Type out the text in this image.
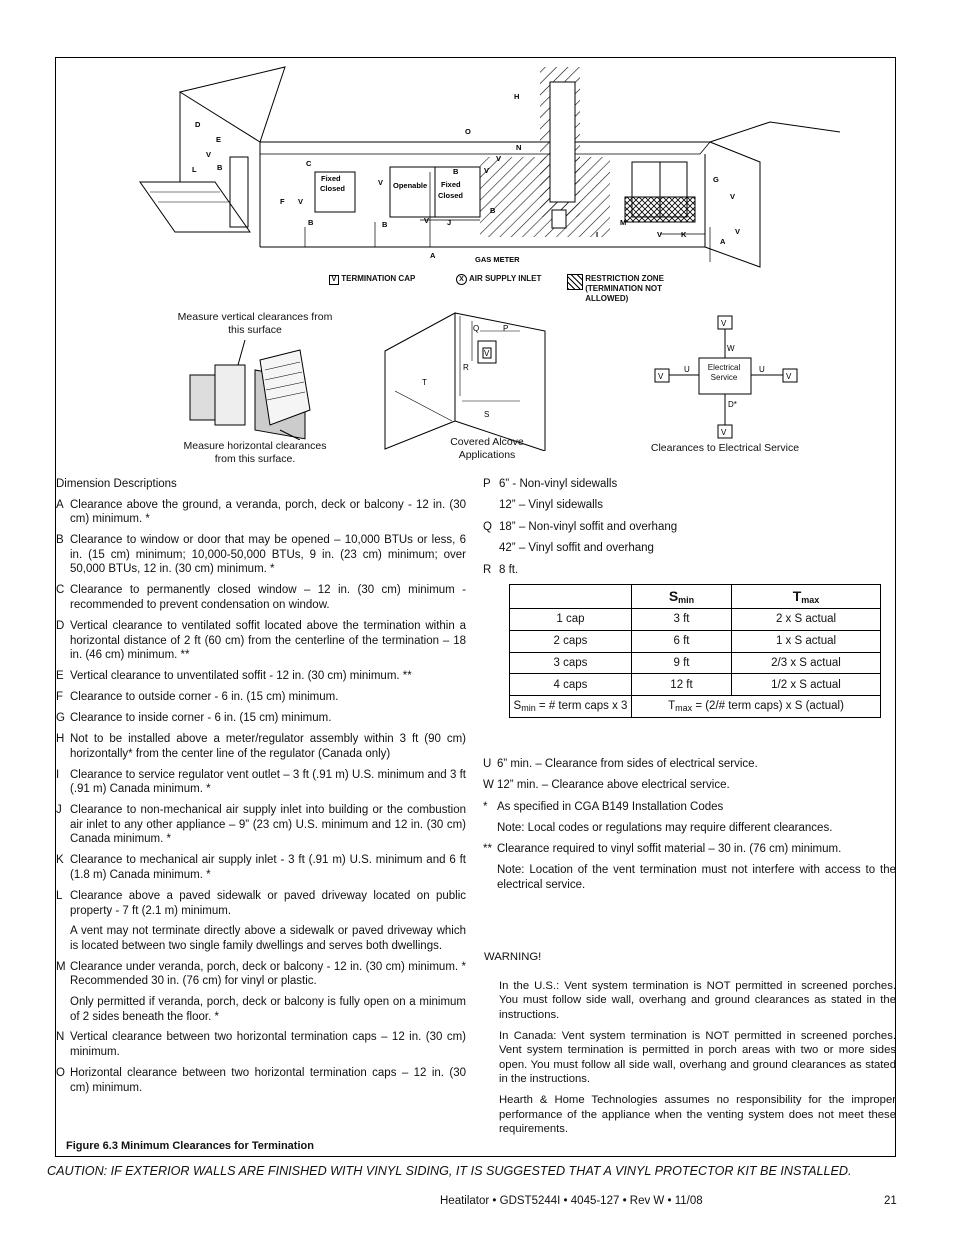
D
E
V
B
L
C
Fixed
Closed
F V
B	B
Openable Fixed
Closed
V
B	V
B
V J
A	GAS METER
O
V
N
H
I
G
V
M
V	K
A
V
V TERMINATION CAP	X AIR SUPPLY INLET	RESTRICTION ZONE
(TERMINATION NOT
ALLOWED)
Measure vertical clearances from this surface
Measure horizontal clearances from this surface.
Q	P
R
T
S
V
Covered Alcove Applications
V
V
V	V
W
U	U
D*
Electrical Service
Clearances to Electrical Service
Dimension Descriptions
A Clearance above the ground, a veranda, porch, deck or balcony - 12 in. (30 cm) minimum. *
B Clearance to window or door that may be opened – 10,000 BTUs or less, 6 in. (15 cm) minimum; 10,000-50,000 BTUs, 9 in. (23 cm) minimum; over 50,000 BTUs, 12 in. (30 cm) minimum. *
C Clearance to permanently closed window – 12 in. (30 cm) minimum - recommended to prevent condensation on window.
D Vertical clearance to ventilated soffit located above the termination within a horizontal distance of 2 ft (60 cm) from the centerline of the termination – 18 in. (46 cm) minimum. **
E Vertical clearance to unventilated soffit - 12 in. (30 cm) minimum. **
F Clearance to outside corner - 6 in. (15 cm) minimum.
G Clearance to inside corner - 6 in. (15 cm) minimum.
H Not to be installed above a meter/regulator assembly within 3 ft (90 cm) horizontally* from the center line of the regulator (Canada only)
I Clearance to service regulator vent outlet – 3 ft (.91 m) U.S. minimum and 3 ft (.91 m) Canada minimum. *
J Clearance to non-mechanical air supply inlet into building or the combustion air inlet to any other appliance – 9” (23 cm) U.S. minimum and 12 in. (30 cm) Canada minimum. *
K Clearance to mechanical air supply inlet - 3 ft (.91 m) U.S. minimum and 6 ft (1.8 m) Canada minimum. *
L Clearance above a paved sidewalk or paved driveway located on public property - 7 ft (2.1 m) minimum.
A vent may not terminate directly above a sidewalk or paved driveway which is located between two single family dwellings and serves both dwellings.
M Clearance under veranda, porch, deck or balcony - 12 in. (30 cm) minimum. * Recommended 30 in. (76 cm) for vinyl or plastic.
Only permitted if veranda, porch, deck or balcony is fully open on a minimum of 2 sides beneath the floor. *
N Vertical clearance between two horizontal termination caps – 12 in. (30 cm) minimum.
O Horizontal clearance between two horizontal termination caps – 12 in. (30 cm) minimum.
P 6” - Non-vinyl sidewalls
12” – Vinyl sidewalls
Q 18” – Non-vinyl soffit and overhang
42” – Vinyl soffit and overhang
R 8 ft.
	Smin	Tmax
1 cap	3 ft	2 x S actual
2 caps	6 ft	1 x S actual
3 caps	9 ft	2/3 x S actual
4 caps	12 ft	1/2 x S actual
Smin = # term caps x 3	Tmax = (2/# term caps) x S (actual)	
U 6” min. – Clearance from sides of electrical service.
W 12” min. – Clearance above electrical service.
* As specified in CGA B149 Installation Codes
Note: Local codes or regulations may require different clearances.
** Clearance required to vinyl soffit material – 30 in. (76 cm) minimum.
Note: Location of the vent termination must not interfere with access to the electrical service.

WARNING!

In the U.S.: Vent system termination is NOT permitted in screened porches. You must follow side wall, overhang and ground clearances as stated in the instructions.

In Canada: Vent system termination is NOT permitted in screened porches. Vent system termination is permitted in porch areas with two or more sides open. You must follow all side wall, overhang and ground clearances as stated in the instructions.

Hearth & Home Technologies assumes no responsibility for the improper performance of the appliance when the venting system does not meet these requirements.

Figure 6.3 Minimum Clearances for Termination
CAUTION: IF EXTERIOR WALLS ARE FINISHED WITH VINYL SIDING, IT IS SUGGESTED THAT A VINYL PROTECTOR KIT BE INSTALLED.
Heatilator • GDST5244I • 4045-127 • Rev W • 11/08	21
